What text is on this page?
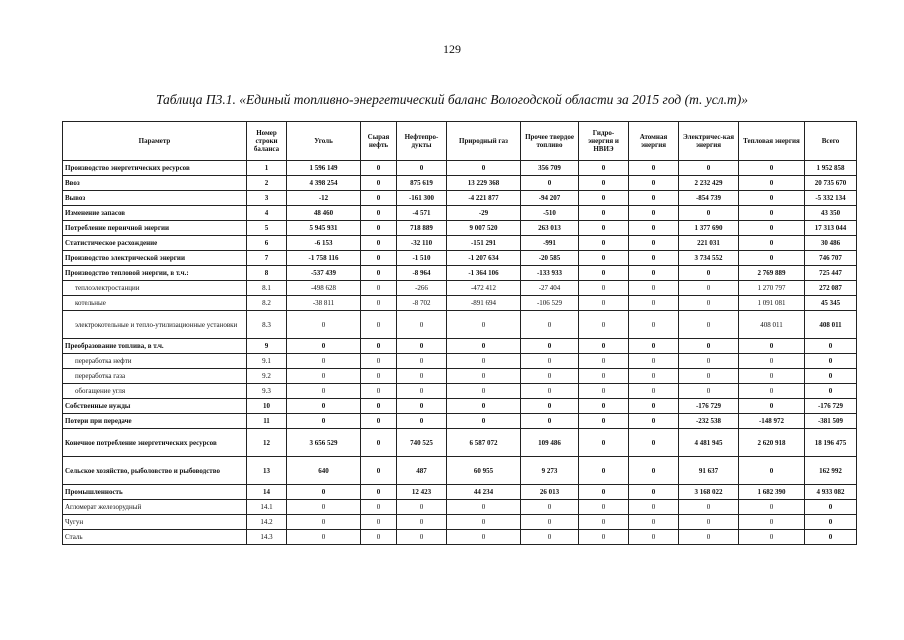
129
Таблица П3.1. «Единый топливно-энергетический баланс Вологодской области за 2015 год (т. усл.т)»
Параметр	Номер строки баланса	Уголь	Сырая нефть	Нефтепро-дукты	Природный газ	Прочее твердое топливо	Гидро-энергия и НВИЭ	Атомная энергия	Электричес-кая энергия	Тепловая энергия	Всего
Производство энергетических ресурсов	1	1 596 149	0	0	0	356 709	0	0	0	0	1 952 858
Ввоз	2	4 398 254	0	875 619	13 229 368	0	0	0	2 232 429	0	20 735 670
Вывоз	3	-12	0	-161 300	-4 221 877	-94 207	0	0	-854 739	0	-5 332 134
Изменение запасов	4	48 460	0	-4 571	-29	-510	0	0	0	0	43 350
Потребление первичной энергии	5	5 945 931	0	718 889	9 007 520	263 013	0	0	1 377 690	0	17 313 044
Статистическое расхождение	6	-6 153	0	-32 110	-151 291	-991	0	0	221 031	0	30 486
Производство электрической энергии	7	-1 758 116	0	-1 510	-1 207 634	-20 585	0	0	3 734 552	0	746 707
Производство тепловой энергии, в т.ч.:	8	-537 439	0	-8 964	-1 364 106	-133 933	0	0	0	2 769 889	725 447
теплоэлектростанции	8.1	-498 628	0	-266	-472 412	-27 404	0	0	0	1 270 797	272 087
котельные	8.2	-38 811	0	-8 702	-891 694	-106 529	0	0	0	1 091 081	45 345
электрокотельные и тепло-утилизационные установки	8.3	0	0	0	0	0	0	0	0	408 011	408 011
Преобразование топлива, в т.ч.	9	0	0	0	0	0	0	0	0	0	0
переработка нефти	9.1	0	0	0	0	0	0	0	0	0	0
переработка газа	9.2	0	0	0	0	0	0	0	0	0	0
обогащение угля	9.3	0	0	0	0	0	0	0	0	0	0
Собственные нужды	10	0	0	0	0	0	0	0	-176 729	0	-176 729
Потери при передаче	11	0	0	0	0	0	0	0	-232 538	-148 972	-381 509
Конечное потребление энергетических ресурсов	12	3 656 529	0	740 525	6 587 072	109 486	0	0	4 481 945	2 620 918	18 196 475
Сельское хозяйство, рыболовство и рыбоводство	13	640	0	487	60 955	9 273	0	0	91 637	0	162 992
Промышленность	14	0	0	12 423	44 234	26 013	0	0	3 168 022	1 682 390	4 933 082
Агломерат железорудный	14.1	0	0	0	0	0	0	0	0	0	0
Чугун	14.2	0	0	0	0	0	0	0	0	0	0
Сталь	14.3	0	0	0	0	0	0	0	0	0	0
